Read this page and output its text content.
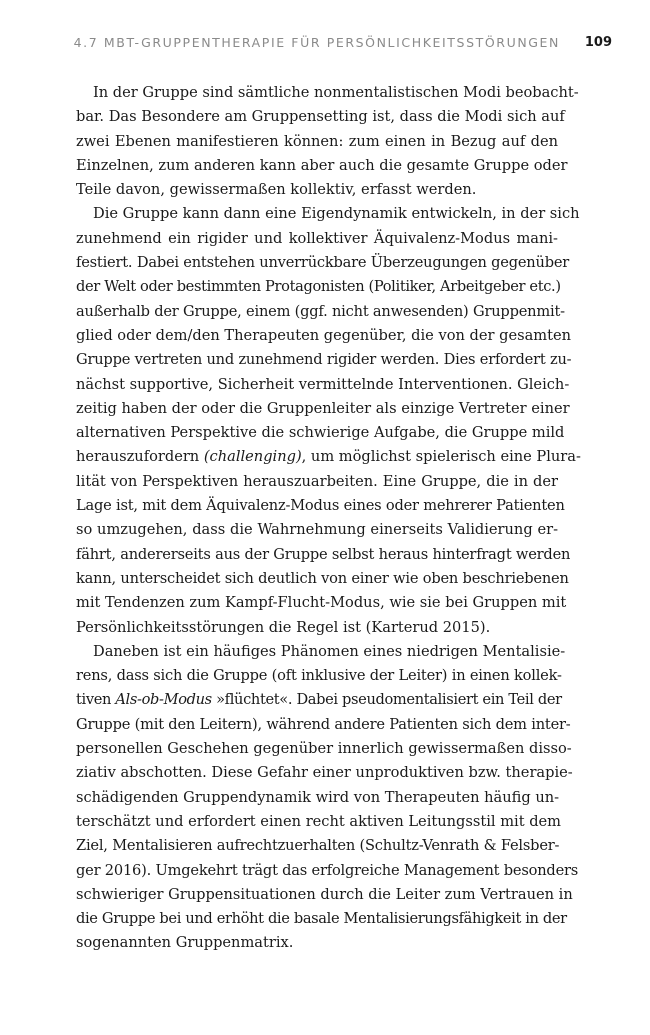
4.7 MBT-GRUPPENTHERAPIE FÜR PERSÖNLICHKEITSSTÖRUNGEN 109

In der Gruppe sind sämtliche nonmentalistischen Modi beobacht-

bar. Das Besondere am Gruppensetting ist, dass die Modi sich auf

zwei Ebenen manifestieren können: zum einen in Bezug auf den

Einzelnen, zum anderen kann aber auch die gesamte Gruppe oder

Teile davon, gewissermaßen kollektiv, erfasst werden.

Die Gruppe kann dann eine Eigendynamik entwickeln, in der sich

zunehmend ein rigider und kollektiver Äquivalenz-Modus mani-

festiert. Dabei entstehen unverrückbare Überzeugungen gegenüber

der Welt oder bestimmten Protagonisten (Politiker, Arbeitgeber etc.)

außerhalb der Gruppe, einem (ggf. nicht anwesenden) Gruppenmit-

glied oder dem/den Therapeuten gegenüber, die von der gesamten

Gruppe vertreten und zunehmend rigider werden. Dies erfordert zu-

nächst supportive, Sicherheit vermittelnde Interventionen. Gleich-

zeitig haben der oder die Gruppenleiter als einzige Vertreter einer

alternativen Perspektive die schwierige Aufgabe, die Gruppe mild

herauszufordern (challenging), um möglichst spielerisch eine Plura-

lität von Perspektiven herauszuarbeiten. Eine Gruppe, die in der

Lage ist, mit dem Äquivalenz-Modus eines oder mehrerer Patienten

so umzugehen, dass die Wahrnehmung einerseits Validierung er-

fährt, andererseits aus der Gruppe selbst heraus hinterfragt werden

kann, unterscheidet sich deutlich von einer wie oben beschriebenen

mit Tendenzen zum Kampf-Flucht-Modus, wie sie bei Gruppen mit

Persönlichkeitsstörungen die Regel ist (Karterud 2015).

Daneben ist ein häufiges Phänomen eines niedrigen Mentalisie-

rens, dass sich die Gruppe (oft inklusive der Leiter) in einen kollek-

tiven Als-ob-Modus »flüchtet«. Dabei pseudomentalisiert ein Teil der

Gruppe (mit den Leitern), während andere Patienten sich dem inter-

personellen Geschehen gegenüber innerlich gewissermaßen disso-

ziativ abschotten. Diese Gefahr einer unproduktiven bzw. therapie-

schädigenden Gruppendynamik wird von Therapeuten häufig un-

terschätzt und erfordert einen recht aktiven Leitungsstil mit dem

Ziel, Mentalisieren aufrechtzuerhalten (Schultz-Venrath & Felsber-

ger 2016). Umgekehrt trägt das erfolgreiche Management besonders

schwieriger Gruppensituationen durch die Leiter zum Vertrauen in

die Gruppe bei und erhöht die basale Mentalisierungsfähigkeit in der

sogenannten Gruppenmatrix.
